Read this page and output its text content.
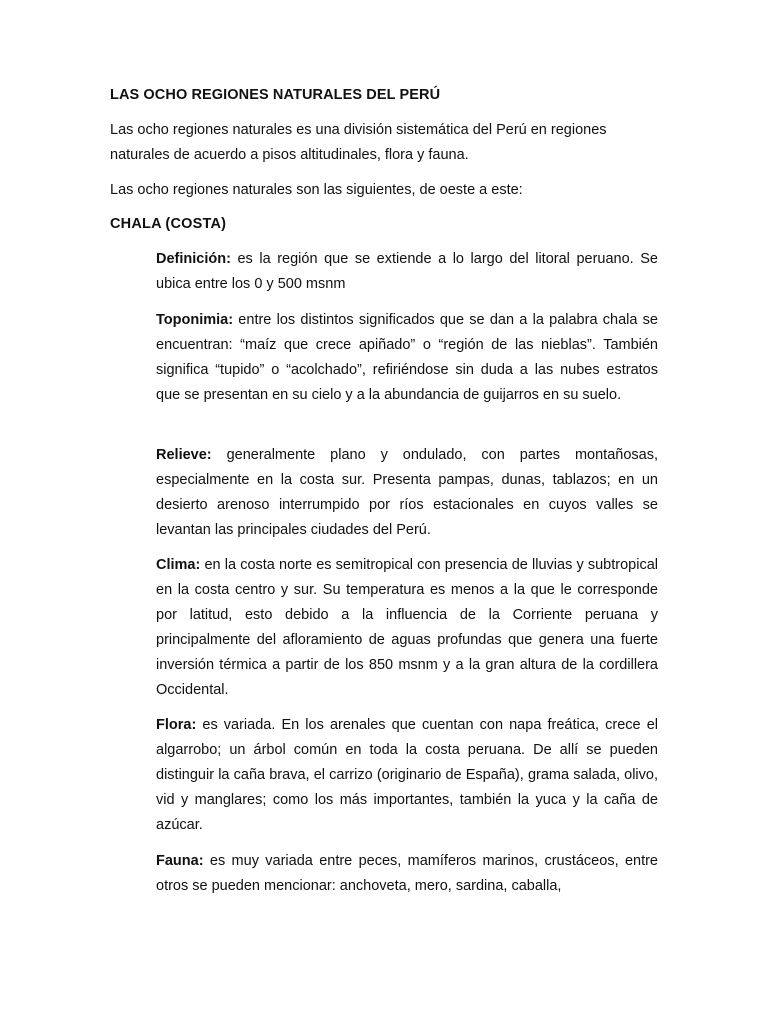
LAS OCHO REGIONES NATURALES DEL PERÚ

Las ocho regiones naturales es una división sistemática del Perú en regiones naturales de acuerdo a pisos altitudinales, flora y fauna.

Las ocho regiones naturales son las siguientes, de oeste a este:

CHALA (COSTA)

Definición: es la región que se extiende a lo largo del litoral peruano. Se ubica entre los 0 y 500 msnm

Toponimia: entre los distintos significados que se dan a la palabra chala se encuentran: “maíz que crece apiñado” o “región de las nieblas”. También significa “tupido” o “acolchado”, refiriéndose sin duda a las nubes estratos que se presentan en su cielo y a la abundancia de guijarros en su suelo.

Relieve: generalmente plano y ondulado, con partes montañosas, especialmente en la costa sur. Presenta pampas, dunas, tablazos; en un desierto arenoso interrumpido por ríos estacionales en cuyos valles se levantan las principales ciudades del Perú.

Clima: en la costa norte es semitropical con presencia de lluvias y subtropical en la costa centro y sur. Su temperatura es menos a la que le corresponde por latitud, esto debido a la influencia de la Corriente peruana y principalmente del afloramiento de aguas profundas que genera una fuerte inversión térmica a partir de los 850 msnm y a la gran altura de la cordillera Occidental.

Flora: es variada. En los arenales que cuentan con napa freática, crece el algarrobo; un árbol común en toda la costa peruana. De allí se pueden distinguir la caña brava, el carrizo (originario de España), grama salada, olivo, vid y manglares; como los más importantes, también la yuca y la caña de azúcar.

Fauna: es muy variada entre peces, mamíferos marinos, crustáceos, entre otros se pueden mencionar: anchoveta, mero, sardina, caballa,
